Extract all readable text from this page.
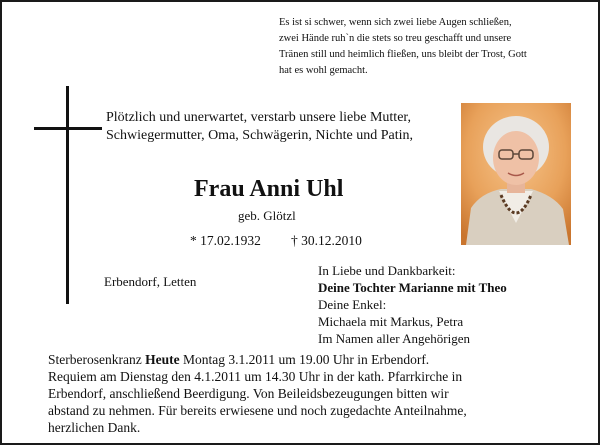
Es ist si schwer, wenn sich zwei liebe Augen schließen,
zwei Hände ruh`n die stets so treu geschafft und unsere
Tränen still und heimlich fließen, uns bleibt der Trost, Gott
hat es wohl gemacht.
Plötzlich und unerwartet, verstarb unsere liebe Mutter,
Schwiegermutter, Oma, Schwägerin, Nichte und Patin,
Frau Anni Uhl
geb. Glötzl
* 17.02.1932 † 30.12.2010
Erbendorf, Letten
In Liebe und Dankbarkeit:
Deine Tochter Marianne mit Theo
Deine Enkel:
Michaela mit Markus, Petra
Im Namen aller Angehörigen
Sterberosenkranz Heute Montag 3.1.2011 um 19.00 Uhr in Erbendorf.
Requiem am Dienstag den 4.1.2011 um 14.30 Uhr in der kath. Pfarrkirche in
Erbendorf, anschließend Beerdigung. Von Beileidsbezeugungen bitten wir
abstand zu nehmen. Für bereits erwiesene und noch zugedachte Anteilnahme,
herzlichen Dank.
